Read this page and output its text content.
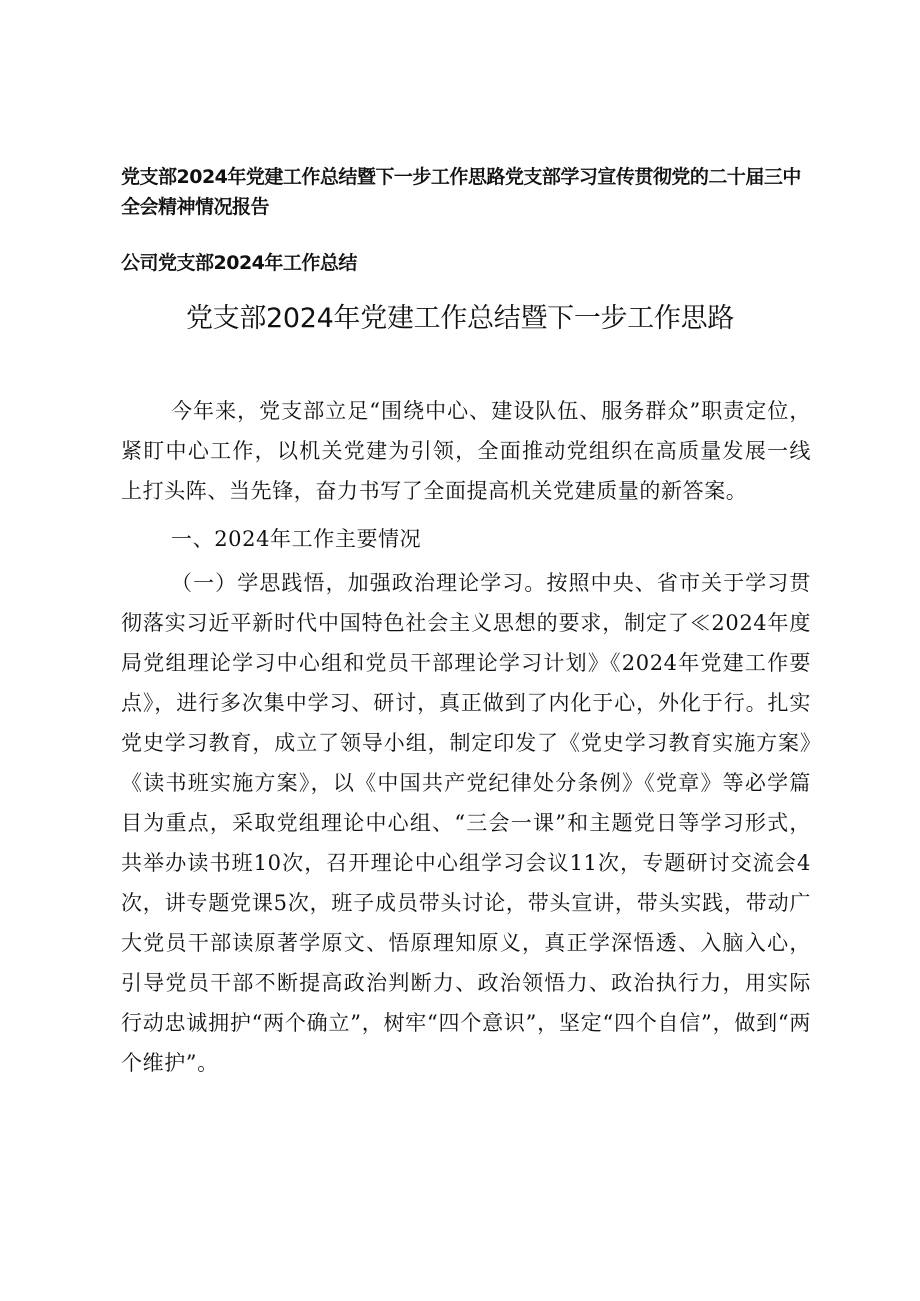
党支部2024年党建工作总结暨下一步工作思路党支部学习宣传贯彻党的二十届三中全会精神情况报告
公司党支部2024年工作总结
党支部2024年党建工作总结暨下一步工作思路

今年来，党支部立足“围绕中心、建设队伍、服务群众”职责定位，紧盯中心工作，以机关党建为引领，全面推动党组织在高质量发展一线上打头阵、当先锋，奋力书写了全面提高机关党建质量的新答案。

一、2024年工作主要情况

（一）学思践悟，加强政治理论学习。按照中央、省市关于学习贯彻落实习近平新时代中国特色社会主义思想的要求，制定了≪2024年度局党组理论学习中心组和党员干部理论学习计划》《2024年党建工作要点》，进行多次集中学习、研讨，真正做到了内化于心，外化于行。扎实党史学习教育，成立了领导小组，制定印发了《党史学习教育实施方案》《读书班实施方案》，以《中国共产党纪律处分条例》《党章》等必学篇目为重点，采取党组理论中心组、“三会一课”和主题党日等学习形式，共举办读书班10次，召开理论中心组学习会议11次，专题研讨交流会4次，讲专题党课5次，班子成员带头讨论，带头宣讲，带头实践，带动广大党员干部读原著学原文、悟原理知原义，真正学深悟透、入脑入心，引导党员干部不断提高政治判断力、政治领悟力、政治执行力，用实际行动忠诚拥护“两个确立”，树牢“四个意识”，坚定“四个自信”，做到“两个维护”。
